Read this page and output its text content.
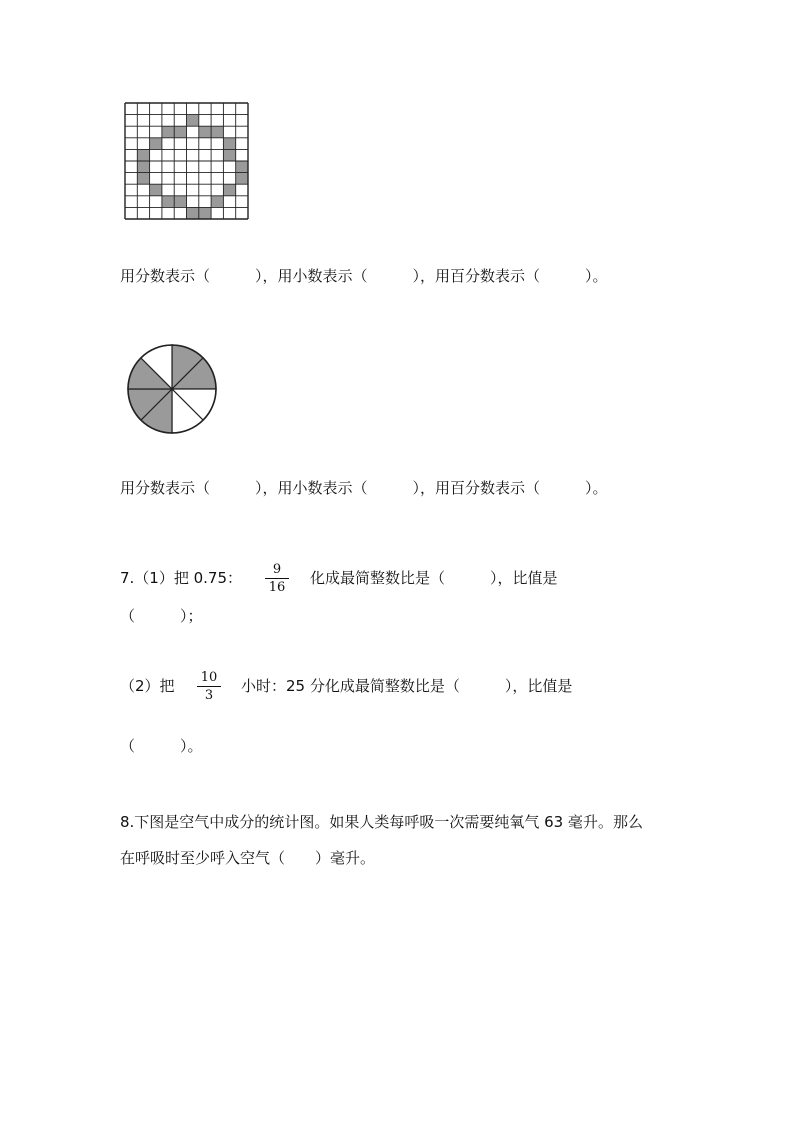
用分数表示（　　　），用小数表示（　　　），用百分数表示（　　　）。
用分数表示（　　　），用小数表示（　　　），用百分数表示（　　　）。
7.（1）把 0.75：	9
16
化成最简整数比是（　　　），比值是
（　　　）；
（2）把 10
3
小时：25 分化成最简整数比是（　　　），比值是
（　　　）。
8.下图是空气中成分的统计图。如果人类每呼吸一次需要纯氧气 63 毫升。那么
在呼吸时至少呼入空气（　　）毫升。
